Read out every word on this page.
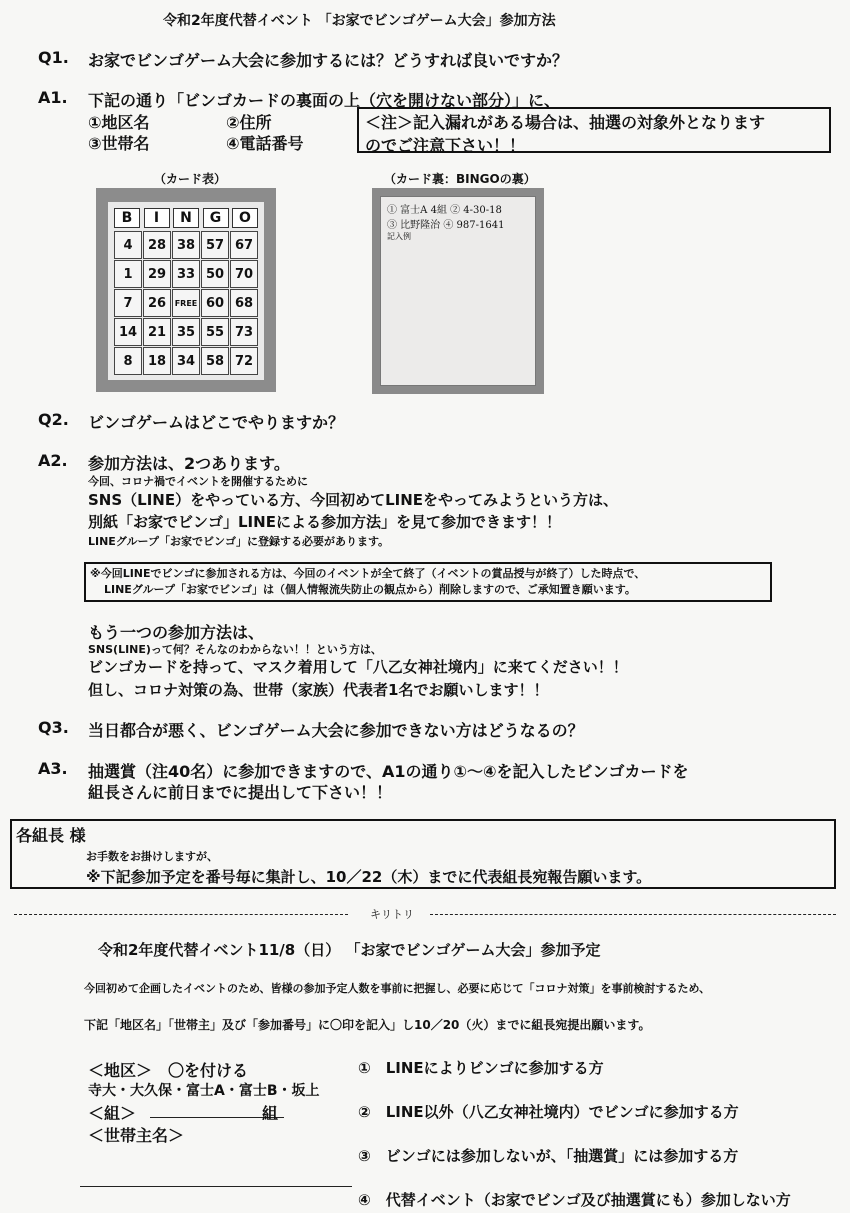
令和2年度代替イベント 「お家でビンゴゲーム大会」参加方法
Q1. お家でビンゴゲーム大会に参加するには？どうすれば良いですか？
A1. 下記の通り「ビンゴカードの裏面の上（穴を開けない部分）」に、
①地区名	②住所
③世帯名	④電話番号
＜注＞記入漏れがある場合は、抽選の対象外となります
のでご注意下さい！！
（カード表）
B	I	N	G	O
4	28 38 57 67
1	29 33 50 70
7	26	FREE 60 68
14 21 35 55 73
8	18 34 58 72
（カード裏：BINGOの裏）
① 富士A 4組 ② 4-30-18
③ 比野隆治 ④ 987-1641
記入例
Q2. ビンゴゲームはどこでやりますか？
A2. 参加方法は、2つあります。
今回、コロナ禍でイベントを開催するために
SNS（LINE）をやっている方、今回初めてLINEをやってみようという方は、
別紙「お家でビンゴ」LINEによる参加方法」を見て参加できます！！
LINEグループ「お家でビンゴ」に登録する必要があります。
※今回LINEでビンゴに参加される方は、今回のイベントが全て終了（イベントの賞品授与が終了）した時点で、
LINEグループ「お家でビンゴ」は（個人情報流失防止の観点から）削除しますので、ご承知置き願います。
もう一つの参加方法は、
SNS(LINE)って何？そんなのわからない！！という方は、
ビンゴカードを持って、マスク着用して「八乙女神社境内」に来てください！！
但し、コロナ対策の為、世帯（家族）代表者1名でお願いします！！
Q3. 当日都合が悪く、ビンゴゲーム大会に参加できない方はどうなるの？
A3. 抽選賞（注40名）に参加できますので、A1の通り①～④を記入したビンゴカードを
組長さんに前日までに提出して下さい！！
各組長 様
お手数をお掛けしますが、
※下記参加予定を番号毎に集計し、10／22（木）までに代表組長宛報告願います。
キリトリ
令和2年度代替イベント11/8（日） 「お家でビンゴゲーム大会」参加予定
今回初めて企画したイベントのため、皆様の参加予定人数を事前に把握し、必要に応じて「コロナ対策」を事前検討するため、
下記「地区名」「世帯主」及び「参加番号」に〇印を記入」し10／20（火）までに組長宛提出願います。
＜地区＞　〇を付ける
寺大・大久保・富士A・富士B・坂上
＜組＞	組
＜世帯主名＞
①　LINEによりビンゴに参加する方
②　LINE以外（八乙女神社境内）でビンゴに参加する方
③　ビンゴには参加しないが、「抽選賞」には参加する方
④　代替イベント（お家でビンゴ及び抽選賞にも）参加しない方
